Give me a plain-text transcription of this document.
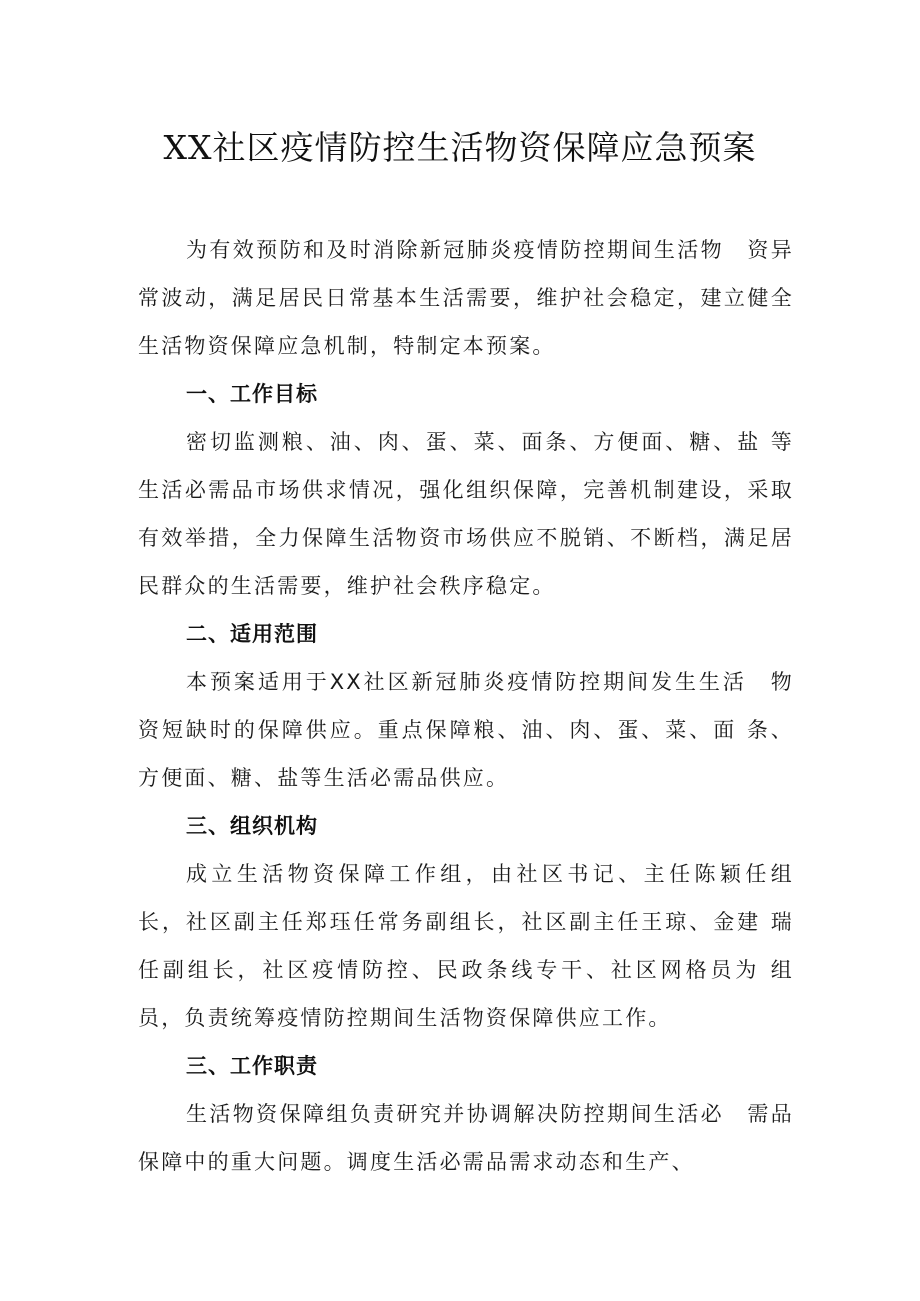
XX社区疫情防控生活物资保障应急预案

为有效预防和及时消除新冠肺炎疫情防控期间生活物　资异常波动，满足居民日常基本生活需要，维护社会稳定，建立健全生活物资保障应急机制，特制定本预案。

一、工作目标

密切监测粮、油、肉、蛋、菜、面条、方便面、糖、盐 等生活必需品市场供求情况，强化组织保障，完善机制建设，采取有效举措，全力保障生活物资市场供应不脱销、不断档，满足居民群众的生活需要，维护社会秩序稳定。

二、适用范围

本预案适用于XX社区新冠肺炎疫情防控期间发生生活　物资短缺时的保障供应。重点保障粮、油、肉、蛋、菜、面 条、方便面、糖、盐等生活必需品供应。

三、组织机构

成立生活物资保障工作组，由社区书记、主任陈颖任组　长，社区副主任郑珏任常务副组长，社区副主任王琼、金建 瑞任副组长，社区疫情防控、民政条线专干、社区网格员为 组员，负责统筹疫情防控期间生活物资保障供应工作。

三、工作职责

生活物资保障组负责研究并协调解决防控期间生活必　需品保障中的重大问题。调度生活必需品需求动态和生产、
